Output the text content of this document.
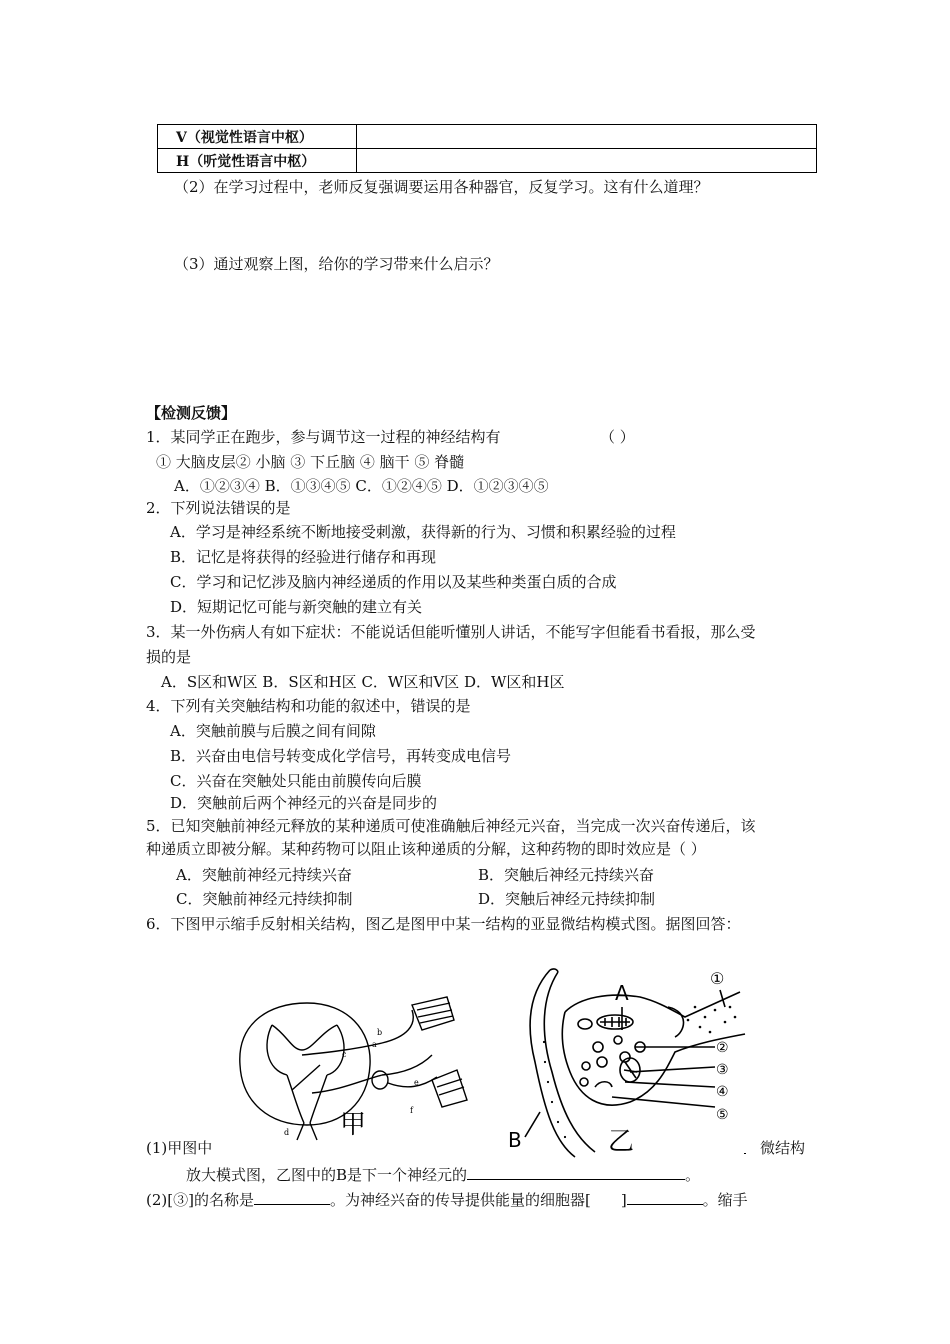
V（视觉性语言中枢）	
H（听觉性语言中枢）	
（2）在学习过程中，老师反复强调要运用各种器官，反复学习。这有什么道理？
（3）通过观察上图，给你的学习带来什么启示？
【检测反馈】
1．某同学正在跑步，参与调节这一过程的神经结构有	（ ）
① 大脑皮层② 小脑 ③ 下丘脑 ④ 脑干 ⑤ 脊髓
A．①②③④ B．①③④⑤ C．①②④⑤ D．①②③④⑤
2．下列说法错误的是
A．学习是神经系统不断地接受刺激，获得新的行为、习惯和积累经验的过程
B．记忆是将获得的经验进行储存和再现
C．学习和记忆涉及脑内神经递质的作用以及某些种类蛋白质的合成
D．短期记忆可能与新突触的建立有关
3．某一外伤病人有如下症状：不能说话但能听懂别人讲话，不能写字但能看书看报，那么受
损的是
A．S区和W区 B．S区和H区 C．W区和V区 D．W区和H区
4．下列有关突触结构和功能的叙述中，错误的是
A．突触前膜与后膜之间有间隙
B．兴奋由电信号转变成化学信号，再转变成电信号
C．兴奋在突触处只能由前膜传向后膜
D．突触前后两个神经元的兴奋是同步的
5．已知突触前神经元释放的某种递质可使准确触后神经元兴奋，当完成一次兴奋传递后，该
种递质立即被分解。某种药物可以阻止该种递质的分解，这种药物的即时效应是（ ）
A．突触前神经元持续兴奋	B．突触后神经元持续兴奋
C．突触前神经元持续抑制	D．突触后神经元持续抑制
6．下图甲示缩手反射相关结构，图乙是图甲中某一结构的亚显微结构模式图。据图回答：
a
b
c
d
e
f
甲
A
B
①
②
③
④
⑤
乙
(1)甲图中	微结构
放大模式图，乙图中的B是下一个神经元的	。
(2)[③]的名称是	。为神经兴奋的传导提供能量的细胞器[ ]	。缩手
